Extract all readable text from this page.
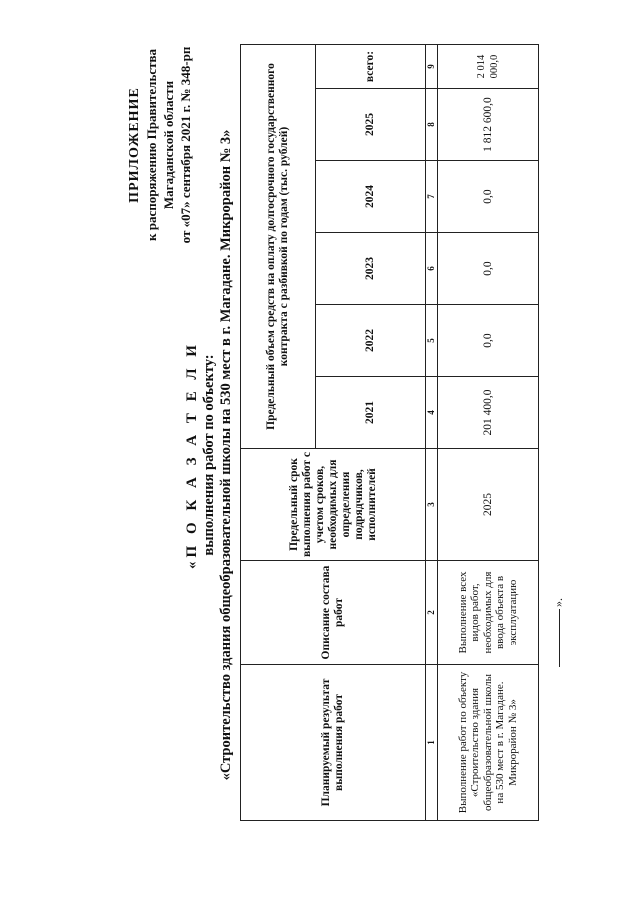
ПРИЛОЖЕНИЕ к распоряжению Правительства Магаданской области от «07» сентября 2021 г. № 348-рп
«П О К А З А Т Е Л И выполнения работ по объекту: «Строительство здания общеобразовательной школы на 530 мест в г. Магадане. Микрорайон № 3»	Планируемый результат выполнения работ	Описание состава работ	Предельный срок выполнения работ с учетом сроков, необходимых для определения подрядчиков, исполнителей	Предельный объем средств на оплату долгосрочного государственного контракта с разбивкой по годам (тыс. рублей)					
			2021	2022	2023	2024	2025	всего:
1	2	3	4	5	6	7	8	9
Выполнение работ по объекту «Строительство здания общеобразовательной школы на 530 мест в г. Магадане. Микрорайон № 3»	Выполнение всех видов работ, необходимых для ввода объекта в эксплуатацию	2025	201 400,0	0,0	0,0	0,0	1 812 600,0	2 014 000,0
».
